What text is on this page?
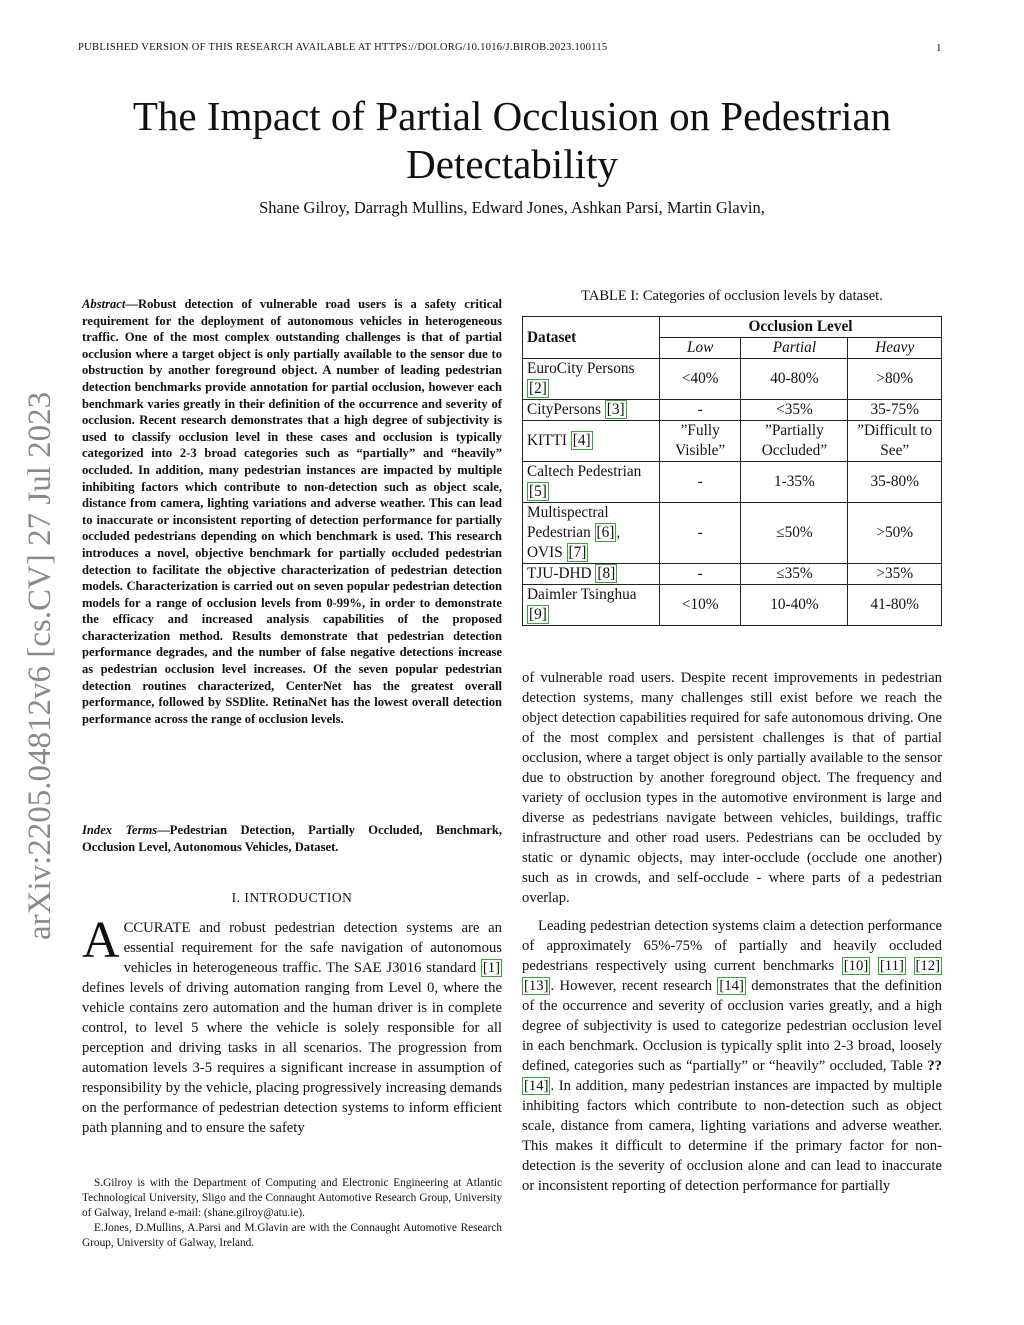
PUBLISHED VERSION OF THIS RESEARCH AVAILABLE AT HTTPS://DOI.ORG/10.1016/J.BIROB.2023.100115	1
arXiv:2205.04812v6 [cs.CV] 27 Jul 2023
The Impact of Partial Occlusion on Pedestrian Detectability
Shane Gilroy, Darragh Mullins, Edward Jones, Ashkan Parsi, Martin Glavin,
Abstract—Robust detection of vulnerable road users is a safety critical requirement for the deployment of autonomous vehicles in heterogeneous traffic. One of the most complex outstanding challenges is that of partial occlusion where a target object is only partially available to the sensor due to obstruction by another foreground object. A number of leading pedestrian detection benchmarks provide annotation for partial occlusion, however each benchmark varies greatly in their definition of the occurrence and severity of occlusion. Recent research demonstrates that a high degree of subjectivity is used to classify occlusion level in these cases and occlusion is typically categorized into 2-3 broad categories such as “partially” and “heavily” occluded. In addition, many pedestrian instances are impacted by multiple inhibiting factors which contribute to non-detection such as object scale, distance from camera, lighting variations and adverse weather. This can lead to inaccurate or inconsistent reporting of detection performance for partially occluded pedestrians depending on which benchmark is used. This research introduces a novel, objective benchmark for partially occluded pedestrian detection to facilitate the objective characterization of pedestrian detection models. Characterization is carried out on seven popular pedestrian detection models for a range of occlusion levels from 0-99%, in order to demonstrate the efficacy and increased analysis capabilities of the proposed characterization method. Results demonstrate that pedestrian detection performance degrades, and the number of false negative detections increase as pedestrian occlusion level increases. Of the seven popular pedestrian detection routines characterized, CenterNet has the greatest overall performance, followed by SSDlite. RetinaNet has the lowest overall detection performance across the range of occlusion levels.
Index Terms—Pedestrian Detection, Partially Occluded, Benchmark, Occlusion Level, Autonomous Vehicles, Dataset.
I. INTRODUCTION
ACCURATE and robust pedestrian detection systems are an essential requirement for the safe navigation of autonomous vehicles in heterogeneous traffic. The SAE J3016 standard [1] defines levels of driving automation ranging from Level 0, where the vehicle contains zero automation and the human driver is in complete control, to level 5 where the vehicle is solely responsible for all perception and driving tasks in all scenarios. The progression from automation levels 3-5 requires a significant increase in assumption of responsibility by the vehicle, placing progressively increasing demands on the performance of pedestrian detection systems to inform efficient path planning and to ensure the safety

S.Gilroy is with the Department of Computing and Electronic Engineering at Atlantic Technological University, Sligo and the Connaught Automotive Research Group, University of Galway, Ireland e-mail: (shane.gilroy@atu.ie).

E.Jones, D.Mullins, A.Parsi and M.Glavin are with the Connaught Automotive Research Group, University of Galway, Ireland.

TABLE I: Categories of occlusion levels by dataset.
Dataset	Occlusion Level		
	Low	Partial	Heavy
EuroCity Persons [2]	<40%	40-80%	>80%
CityPersons [3]	-	<35%	35-75%
KITTI [4]	”Fully Visible”	”Partially Occluded”	”Difficult to See”
Caltech Pedestrian [5]	-	1-35%	35-80%
Multispectral Pedestrian [6] , OVIS [7]	-	≤50%	>50%
TJU-DHD [8]	-	≤35%	>35%
Daimler Tsinghua [9]	<10%	10-40%	41-80%

of vulnerable road users. Despite recent improvements in pedestrian detection systems, many challenges still exist before we reach the object detection capabilities required for safe autonomous driving. One of the most complex and persistent challenges is that of partial occlusion, where a target object is only partially available to the sensor due to obstruction by another foreground object. The frequency and variety of occlusion types in the automotive environment is large and diverse as pedestrians navigate between vehicles, buildings, traffic infrastructure and other road users. Pedestrians can be occluded by static or dynamic objects, may inter-occlude (occlude one another) such as in crowds, and self-occlude - where parts of a pedestrian overlap.

Leading pedestrian detection systems claim a detection performance of approximately 65%-75% of partially and heavily occluded pedestrians respectively using current benchmarks [10] [11] [12] [13] . However, recent research [14] demonstrates that the definition of the occurrence and severity of occlusion varies greatly, and a high degree of subjectivity is used to categorize pedestrian occlusion level in each benchmark. Occlusion is typically split into 2-3 broad, loosely defined, categories such as “partially” or “heavily” occluded, Table ?? [14] . In addition, many pedestrian instances are impacted by multiple inhibiting factors which contribute to non-detection such as object scale, distance from camera, lighting variations and adverse weather. This makes it difficult to determine if the primary factor for non-detection is the severity of occlusion alone and can lead to inaccurate or inconsistent reporting of detection performance for partially
